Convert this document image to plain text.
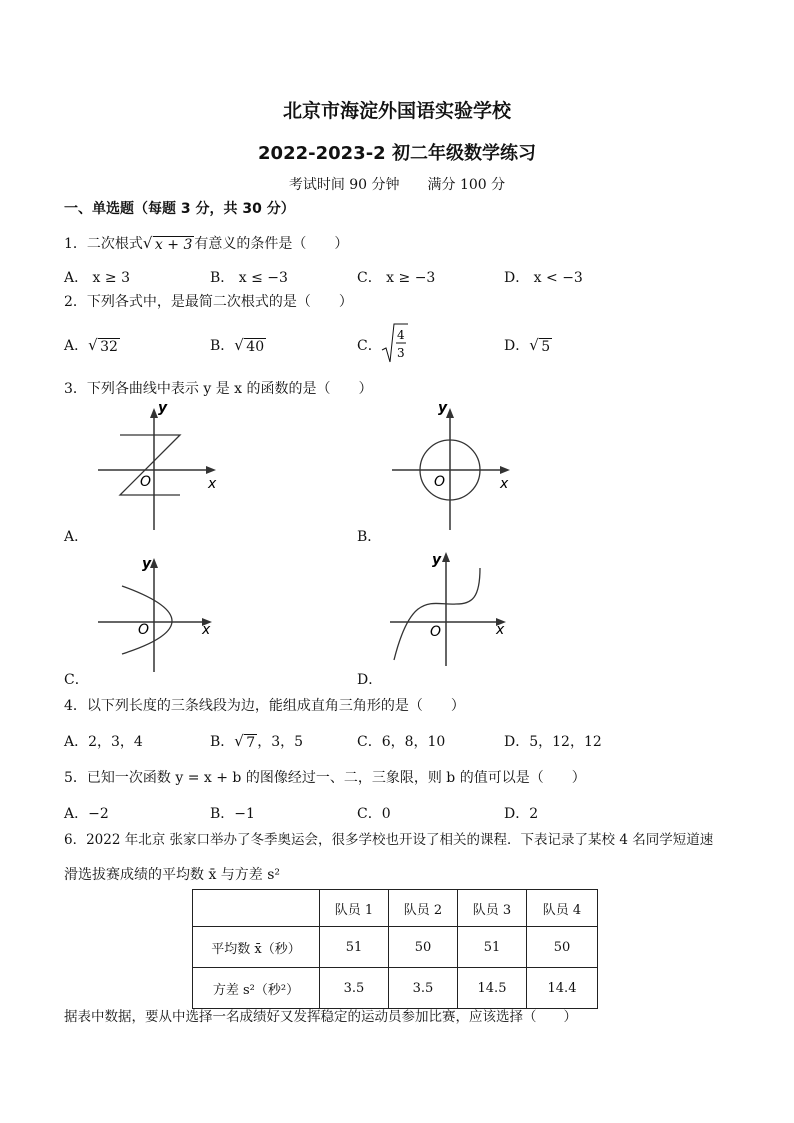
北京市海淀外国语实验学校
2022-2023-2 初二年级数学练习
考试时间 90 分钟　　满分 100 分
一、单选题（每题 3 分，共 30 分）
1．二次根式 √ x + 3 有意义的条件是（　　）
A． x ≥ 3	B． x ≤ −3	C． x ≥ −3	D． x < −3
2．下列各式中，是最简二次根式的是（　　）
A． √ 32	B． √ 40	C．
4
3	D． √ 5
3．下列各曲线中表示 y 是 x 的函数的是（　　）
y
x
O
A．
y
x
O
B．
y
x
O
C．
y
x
O
D．
4．以下列长度的三条线段为边，能组成直角三角形的是（　　）
A．2，3，4	B． √ 7 ，3，5	C．6，8，10	D．5，12，12
5．已知一次函数 y = x + b 的图像经过一、二，三象限，则 b 的值可以是（　　）
A．−2	B．−1	C．0	D．2
6．2022 年北京 张家口举办了冬季奥运会，很多学校也开设了相关的课程．下表记录了某校 4 名同学短道速
滑选拔赛成绩的平均数 x̄ 与方差 s²
	队员 1	队员 2	队员 3	队员 4
平均数 x̄（秒）	51	50	51	50
方差 s²（秒²）	3.5	3.5	14.5	14.4
据表中数据，要从中选择一名成绩好又发挥稳定的运动员参加比赛，应该选择（　　）
